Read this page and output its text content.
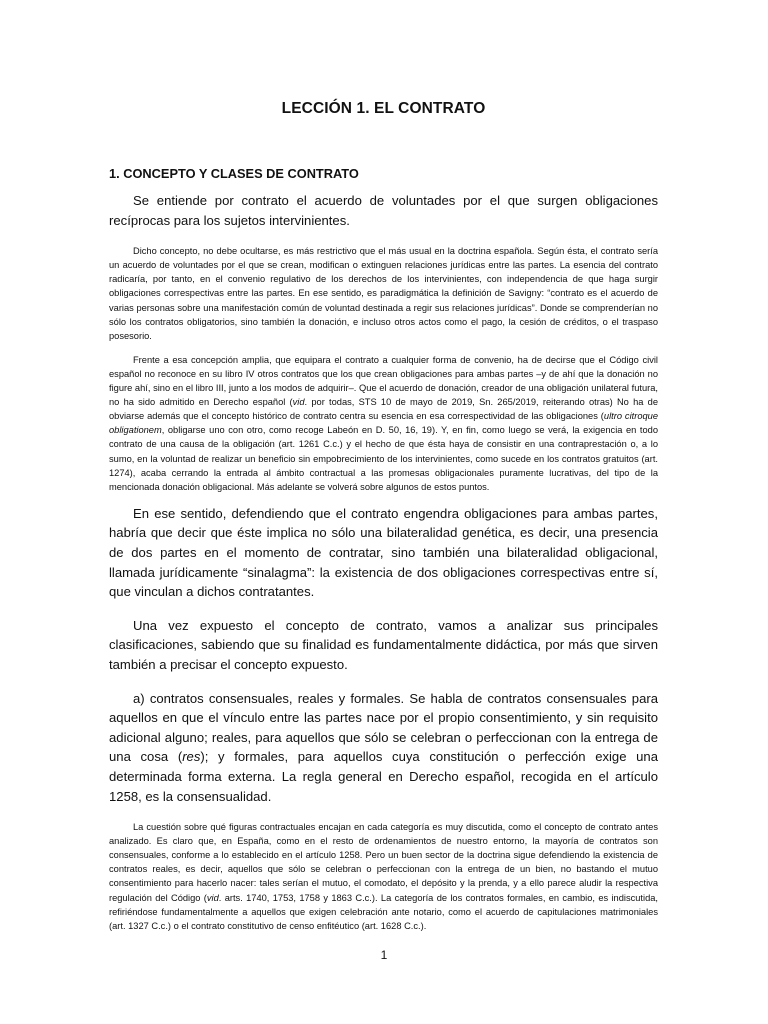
LECCIÓN 1. EL CONTRATO
1. CONCEPTO Y CLASES DE CONTRATO

Se entiende por contrato el acuerdo de voluntades por el que surgen obligaciones recíprocas para los sujetos intervinientes.

Dicho concepto, no debe ocultarse, es más restrictivo que el más usual en la doctrina española. Según ésta, el contrato sería un acuerdo de voluntades por el que se crean, modifican o extinguen relaciones jurídicas entre las partes. La esencia del contrato radicaría, por tanto, en el convenio regulativo de los derechos de los intervinientes, con independencia de que haga surgir obligaciones correspectivas entre las partes. En ese sentido, es paradigmática la definición de Savigny: “contrato es el acuerdo de varias personas sobre una manifestación común de voluntad destinada a regir sus relaciones jurídicas”. Donde se comprenderían no sólo los contratos obligatorios, sino también la donación, e incluso otros actos como el pago, la cesión de créditos, o el traspaso posesorio.

Frente a esa concepción amplia, que equipara el contrato a cualquier forma de convenio, ha de decirse que el Código civil español no reconoce en su libro IV otros contratos que los que crean obligaciones para ambas partes –y de ahí que la donación no figure ahí, sino en el libro III, junto a los modos de adquirir–. Que el acuerdo de donación, creador de una obligación unilateral futura, no ha sido admitido en Derecho español (vid. por todas, STS 10 de mayo de 2019, Sn. 265/2019, reiterando otras) No ha de obviarse además que el concepto histórico de contrato centra su esencia en esa correspectividad de las obligaciones (ultro citroque obligationem, obligarse uno con otro, como recoge Labeón en D. 50, 16, 19). Y, en fin, como luego se verá, la exigencia en todo contrato de una causa de la obligación (art. 1261 C.c.) y el hecho de que ésta haya de consistir en una contraprestación o, a lo sumo, en la voluntad de realizar un beneficio sin empobrecimiento de los intervinientes, como sucede en los contratos gratuitos (art. 1274), acaba cerrando la entrada al ámbito contractual a las promesas obligacionales puramente lucrativas, del tipo de la mencionada donación obligacional. Más adelante se volverá sobre algunos de estos puntos.

En ese sentido, defendiendo que el contrato engendra obligaciones para ambas partes, habría que decir que éste implica no sólo una bilateralidad genética, es decir, una presencia de dos partes en el momento de contratar, sino también una bilateralidad obligacional, llamada jurídicamente “sinalagma”: la existencia de dos obligaciones correspectivas entre sí, que vinculan a dichos contratantes.

Una vez expuesto el concepto de contrato, vamos a analizar sus principales clasificaciones, sabiendo que su finalidad es fundamentalmente didáctica, por más que sirven también a precisar el concepto expuesto.

a) contratos consensuales, reales y formales. Se habla de contratos consensuales para aquellos en que el vínculo entre las partes nace por el propio consentimiento, y sin requisito adicional alguno; reales, para aquellos que sólo se celebran o perfeccionan con la entrega de una cosa (res); y formales, para aquellos cuya constitución o perfección exige una determinada forma externa. La regla general en Derecho español, recogida en el artículo 1258, es la consensualidad.

La cuestión sobre qué figuras contractuales encajan en cada categoría es muy discutida, como el concepto de contrato antes analizado. Es claro que, en España, como en el resto de ordenamientos de nuestro entorno, la mayoría de contratos son consensuales, conforme a lo establecido en el artículo 1258. Pero un buen sector de la doctrina sigue defendiendo la existencia de contratos reales, es decir, aquellos que sólo se celebran o perfeccionan con la entrega de un bien, no bastando el mutuo consentimiento para hacerlo nacer: tales serían el mutuo, el comodato, el depósito y la prenda, y a ello parece aludir la respectiva regulación del Código (vid. arts. 1740, 1753, 1758 y 1863 C.c.). La categoría de los contratos formales, en cambio, es indiscutida, refiriéndose fundamentalmente a aquellos que exigen celebración ante notario, como el acuerdo de capitulaciones matrimoniales (art. 1327 C.c.) o el contrato constitutivo de censo enfitéutico (art. 1628 C.c.).

1
